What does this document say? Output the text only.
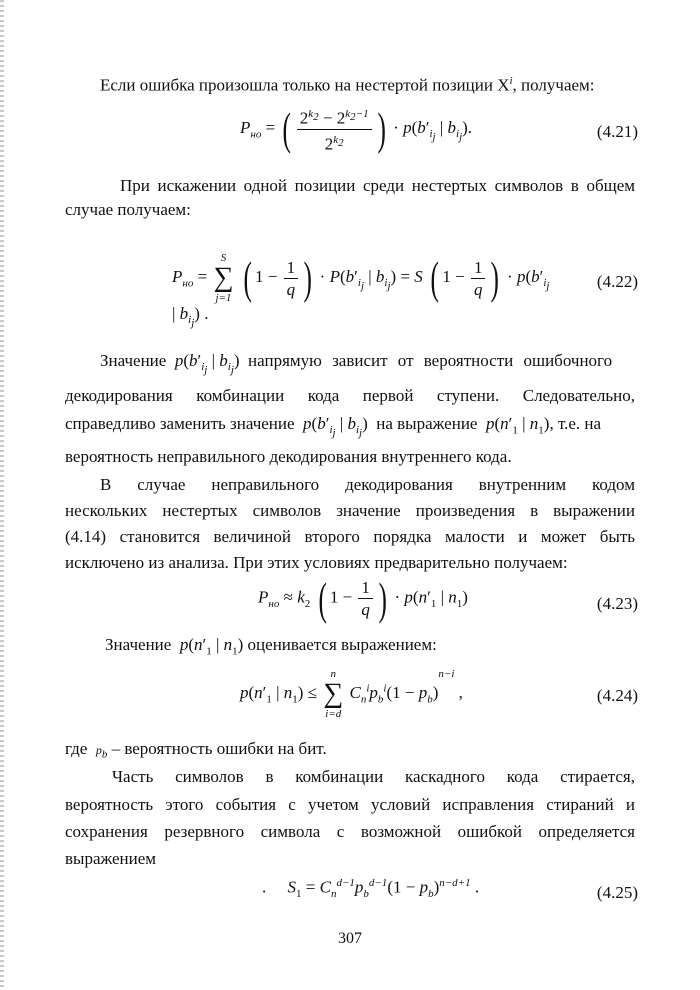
Если ошибка произошла только на нестертой позиции $X^i$, получаем:
$P_{но}$ = ( $\frac{2^{k_2} - 2^{k_2-1}}{2^{k_2}}$ ) · $p(b'_{i_j}$ | $b_{i_j}$).	(4.21)
При искажении одной позиции среди нестертых символов в общем
случае получаем:
$P_{но}$ =
S
∑
j=1 ( $1 - \frac{1}{q}$ ) · $P(b'_{i_j}$ | $b_{i_j}) = S$ ( $1 - \frac{1}{q}$ ) · $p(b'_{i_j}$ | $b_{i_j}$) .
(4.22)
Значение $p(b'_{i_j}$ | $b_{i_j}$) напрямую зависит от вероятности ошибочного
декодирования комбинации кода первой ступени. Следовательно,
справедливо заменить значение $p(b'_{i_j}$ | $b_{i_j}$)  на выражение $p(n'_1$ | $n_1$), т.е. на
вероятность неправильного декодирования внутреннего кода.
В случае неправильного декодирования внутренним кодом
нескольких нестертых символов значение произведения в выражении
(4.14) становится величиной второго порядка малости и может быть
исключено из анализа. При этих условиях предварительно получаем:
$P_{но} \approx k_2$ ( $1 - \frac{1}{q}$ ) · $p(n'_1$ | $n_1$)	(4.23)
Значение $p(n'_1$ | $n_1$) оценивается выражением:
$p(n'_1$ | $n_1$) ≤
n
∑
i=d
$C_n^ip_b^i(1 - p_b)^{n-i}$ ,	(4.24)
где $p_b$ – вероятность ошибки на бит.
Часть символов в комбинации каскадного кода стирается,
вероятность этого события с учетом условий исправления стираний и
сохранения резервного символа с возможной ошибкой определяется
выражением
.     $S_1 = C_n^{d-1}p_b^{d-1}(1 - p_b)^{n-d+1}$ .	(4.25)
307
